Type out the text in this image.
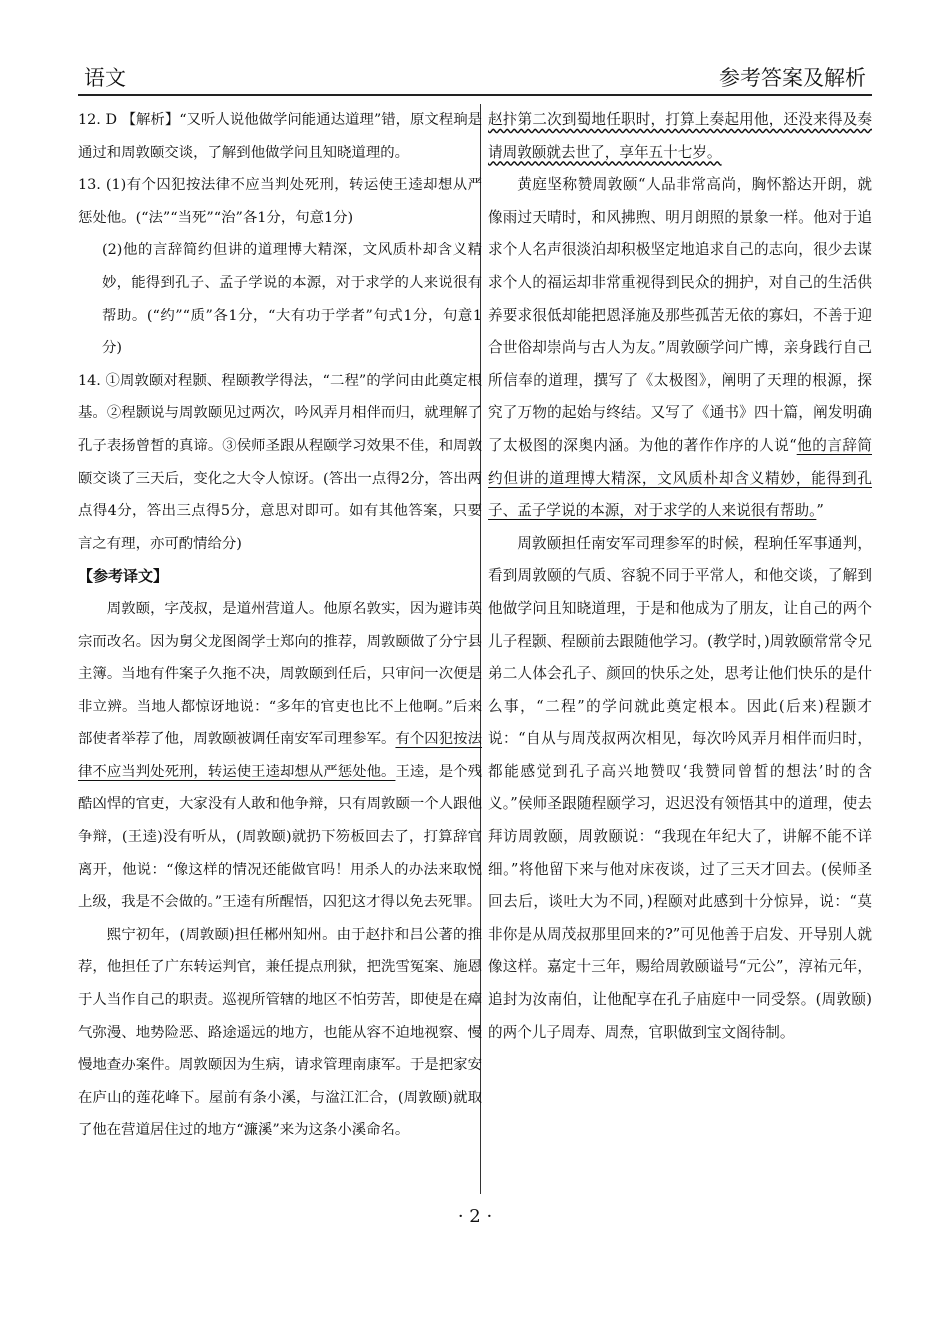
语文	参考答案及解析

12. D 【解析】“又听人说他做学问能通达道理”错，原文程珦是通过和周敦颐交谈，了解到他做学问且知晓道理的。

13. (1)有个囚犯按法律不应当判处死刑，转运使王逵却想从严惩处他。(“法”“当死”“治”各1分，句意1分)

(2)他的言辞简约但讲的道理博大精深，文风质朴却含义精妙，能得到孔子、孟子学说的本源，对于求学的人来说很有帮助。(“约”“质”各1分，“大有功于学者”句式1分，句意1分)

14. ①周敦颐对程颢、程颐教学得法，“二程”的学问由此奠定根基。②程颢说与周敦颐见过两次，吟风弄月相伴而归，就理解了孔子表扬曾皙的真谛。③侯师圣跟从程颐学习效果不佳，和周敦颐交谈了三天后，变化之大令人惊讶。(答出一点得2分，答出两点得4分，答出三点得5分，意思对即可。如有其他答案，只要言之有理，亦可酌情给分)

【参考译文】

周敦颐，字茂叔，是道州营道人。他原名敦实，因为避讳英宗而改名。因为舅父龙图阁学士郑向的推荐，周敦颐做了分宁县主簿。当地有件案子久拖不决，周敦颐到任后，只审问一次便是非立辨。当地人都惊讶地说：“多年的官吏也比不上他啊。”后来部使者举荐了他，周敦颐被调任南安军司理参军。有个囚犯按法律不应当判处死刑，转运使王逵却想从严惩处他。王逵，是个残酷凶悍的官吏，大家没有人敢和他争辩，只有周敦颐一个人跟他争辩，(王逵)没有听从，(周敦颐)就扔下笏板回去了，打算辞官离开，他说：“像这样的情况还能做官吗！用杀人的办法来取悦上级，我是不会做的。”王逵有所醒悟，囚犯这才得以免去死罪。

熙宁初年，(周敦颐)担任郴州知州。由于赵抃和吕公著的推荐，他担任了广东转运判官，兼任提点刑狱，把洗雪冤案、施恩于人当作自己的职责。巡视所管辖的地区不怕劳苦，即使是在瘴气弥漫、地势险恶、路途遥远的地方，也能从容不迫地视察、慢慢地查办案件。周敦颐因为生病，请求管理南康军。于是把家安在庐山的莲花峰下。屋前有条小溪，与湓江汇合，(周敦颐)就取了他在营道居住过的地方“濂溪”来为这条小溪命名。

赵抃第二次到蜀地任职时，打算上奏起用他，还没来得及奏请周敦颐就去世了，享年五十七岁。

黄庭坚称赞周敦颐“人品非常高尚，胸怀豁达开朗，就像雨过天晴时，和风拂煦、明月朗照的景象一样。他对于追求个人名声很淡泊却积极坚定地追求自己的志向，很少去谋求个人的福运却非常重视得到民众的拥护，对自己的生活供养要求很低却能把恩泽施及那些孤苦无依的寡妇，不善于迎合世俗却崇尚与古人为友。”周敦颐学问广博，亲身践行自己所信奉的道理，撰写了《太极图》，阐明了天理的根源，探究了万物的起始与终结。又写了《通书》四十篇，阐发明确了太极图的深奥内涵。为他的著作作序的人说“他的言辞简约但讲的道理博大精深，文风质朴却含义精妙，能得到孔子、孟子学说的本源，对于求学的人来说很有帮助。”

周敦颐担任南安军司理参军的时候，程珦任军事通判，看到周敦颐的气质、容貌不同于平常人，和他交谈，了解到他做学问且知晓道理，于是和他成为了朋友，让自己的两个儿子程颢、程颐前去跟随他学习。(教学时，)周敦颐常常令兄弟二人体会孔子、颜回的快乐之处，思考让他们快乐的是什么事，“二程”的学问就此奠定根本。因此(后来)程颢才说：“自从与周茂叔两次相见，每次吟风弄月相伴而归时，都能感觉到孔子高兴地赞叹‘我赞同曾皙的想法’时的含义。”侯师圣跟随程颐学习，迟迟没有领悟其中的道理，使去拜访周敦颐，周敦颐说：“我现在年纪大了，讲解不能不详细。”将他留下来与他对床夜谈，过了三天才回去。(侯师圣回去后，谈吐大为不同，)程颐对此感到十分惊异，说：“莫非你是从周茂叔那里回来的?”可见他善于启发、开导别人就像这样。嘉定十三年，赐给周敦颐谥号“元公”，淳祐元年，追封为汝南伯，让他配享在孔子庙庭中一同受祭。(周敦颐)的两个儿子周寿、周焘，官职做到宝文阁待制。

· 2 ·
